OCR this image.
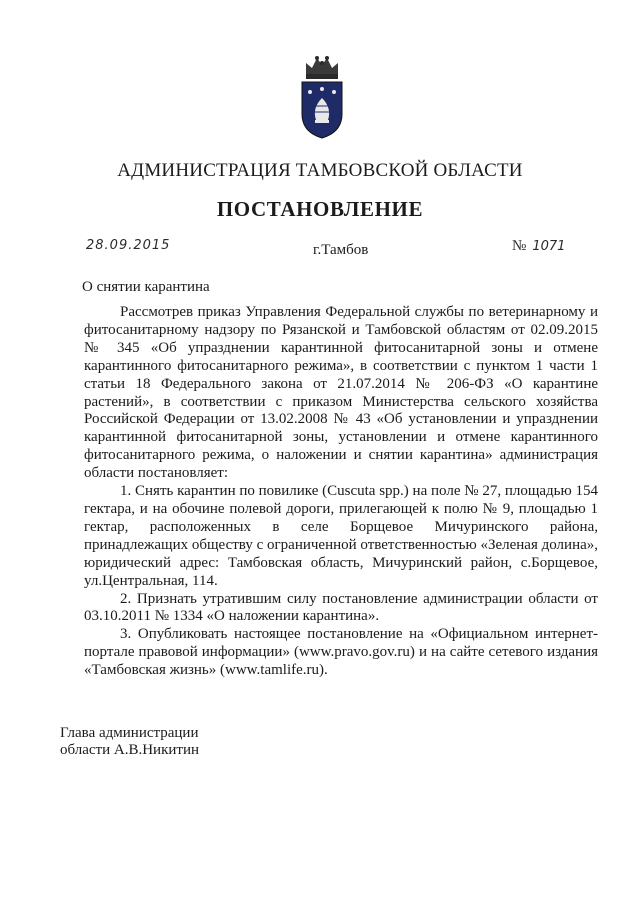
АДМИНИСТРАЦИЯ ТАМБОВСКОЙ ОБЛАСТИ
ПОСТАНОВЛЕНИЕ
28.09.2015	г.Тамбов	№ 1071
О снятии карантина

Рассмотрев приказ Управления Федеральной службы по ветеринарному и фитосанитарному надзору по Рязанской и Тамбовской областям от 02.09.2015 № 345 «Об упразднении карантинной фитосанитарной зоны и отмене карантинного фитосанитарного режима», в соответствии с пунктом 1 части 1 статьи 18 Федерального закона от 21.07.2014 № 206-ФЗ «О карантине растений», в соответствии с приказом Министерства сельского хозяйства Российской Федерации от 13.02.2008 № 43 «Об установлении и упразднении карантинной фитосанитарной зоны, установлении и отмене карантинного фитосанитарного режима, о наложении и снятии карантина» администрация области постановляет:

1. Снять карантин по повилике (Cuscuta spp.) на поле № 27, площадью 154 гектара, и на обочине полевой дороги, прилегающей к полю № 9, площадью 1 гектар, расположенных в селе Борщевое Мичуринского района, принадлежащих обществу с ограниченной ответственностью «Зеленая долина», юридический адрес: Тамбовская область, Мичуринский район, с.Борщевое, ул.Центральная, 114.

2. Признать утратившим силу постановление администрации области от 03.10.2011 № 1334 «О наложении карантина».

3. Опубликовать настоящее постановление на «Официальном интернет-портале правовой информации» (www.pravo.gov.ru) и на сайте сетевого издания «Тамбовская жизнь» (www.tamlife.ru).

Глава администрации
области А.В.Никитин
